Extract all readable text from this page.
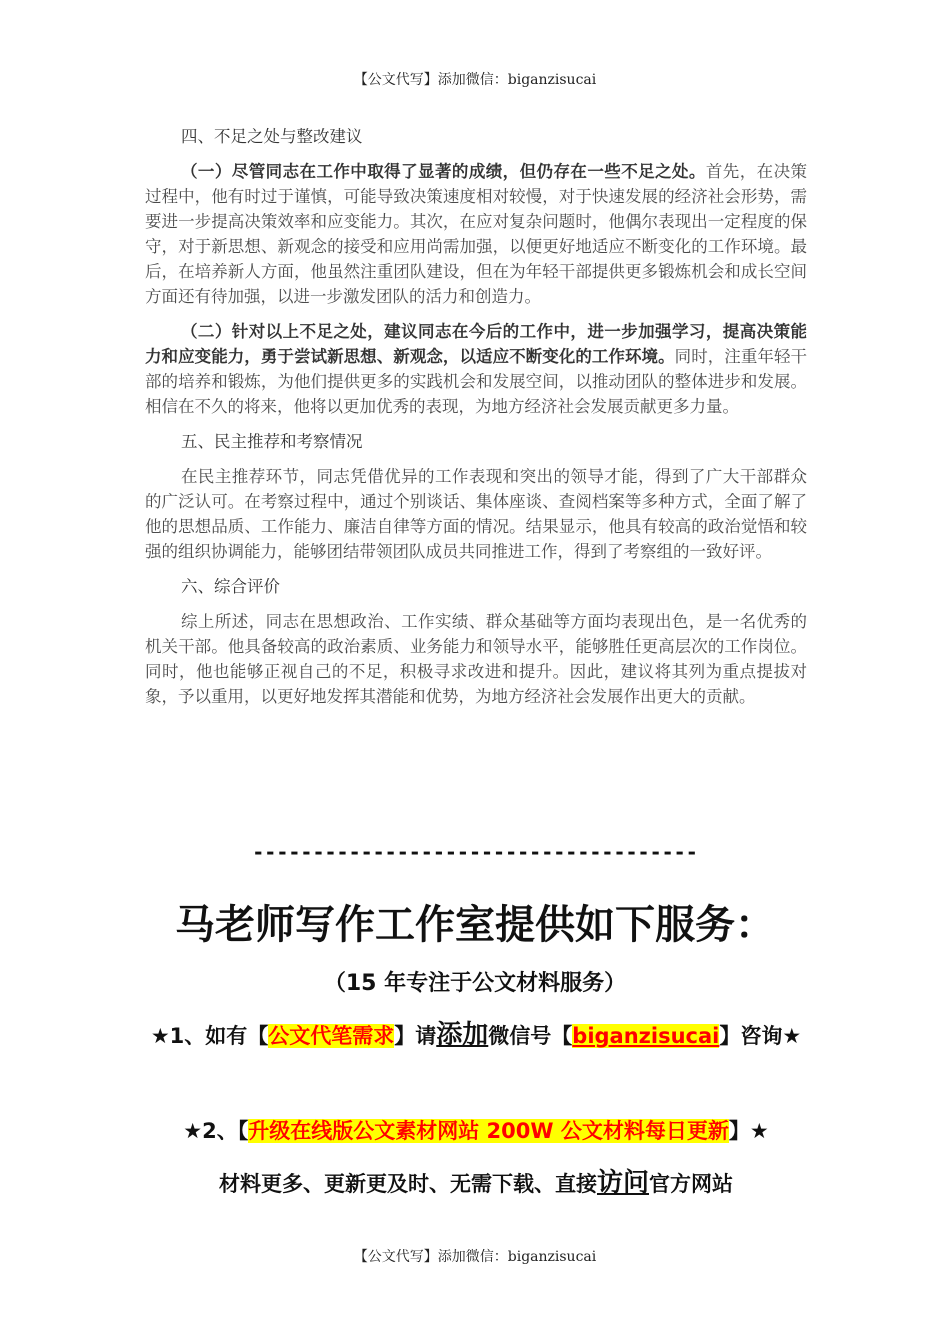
【公文代写】添加微信：biganzisucai
四、不足之处与整改建议

（一）尽管同志在工作中取得了显著的成绩，但仍存在一些不足之处。首先，在决策过程中，他有时过于谨慎，可能导致决策速度相对较慢，对于快速发展的经济社会形势，需要进一步提高决策效率和应变能力。其次，在应对复杂问题时，他偶尔表现出一定程度的保守，对于新思想、新观念的接受和应用尚需加强，以便更好地适应不断变化的工作环境。最后，在培养新人方面，他虽然注重团队建设，但在为年轻干部提供更多锻炼机会和成长空间方面还有待加强，以进一步激发团队的活力和创造力。

（二）针对以上不足之处，建议同志在今后的工作中，进一步加强学习，提高决策能力和应变能力，勇于尝试新思想、新观念，以适应不断变化的工作环境。同时，注重年轻干部的培养和锻炼，为他们提供更多的实践机会和发展空间，以推动团队的整体进步和发展。相信在不久的将来，他将以更加优秀的表现，为地方经济社会发展贡献更多力量。

五、民主推荐和考察情况

在民主推荐环节，同志凭借优异的工作表现和突出的领导才能，得到了广大干部群众的广泛认可。在考察过程中，通过个别谈话、集体座谈、查阅档案等多种方式，全面了解了他的思想品质、工作能力、廉洁自律等方面的情况。结果显示，他具有较高的政治觉悟和较强的组织协调能力，能够团结带领团队成员共同推进工作，得到了考察组的一致好评。

六、综合评价

综上所述，同志在思想政治、工作实绩、群众基础等方面均表现出色，是一名优秀的机关干部。他具备较高的政治素质、业务能力和领导水平，能够胜任更高层次的工作岗位。同时，他也能够正视自己的不足，积极寻求改进和提升。因此，建议将其列为重点提拔对象，予以重用，以更好地发挥其潜能和优势，为地方经济社会发展作出更大的贡献。

-------------------------------------
马老师写作工作室提供如下服务：
（15 年专注于公文材料服务）
★1、如有【公文代笔需求】请添加微信号【biganzisucai】咨询★
★2、【升级在线版公文素材网站 200W 公文材料每日更新】★
材料更多、更新更及时、无需下载、直接访问官方网站
【公文代写】添加微信：biganzisucai
